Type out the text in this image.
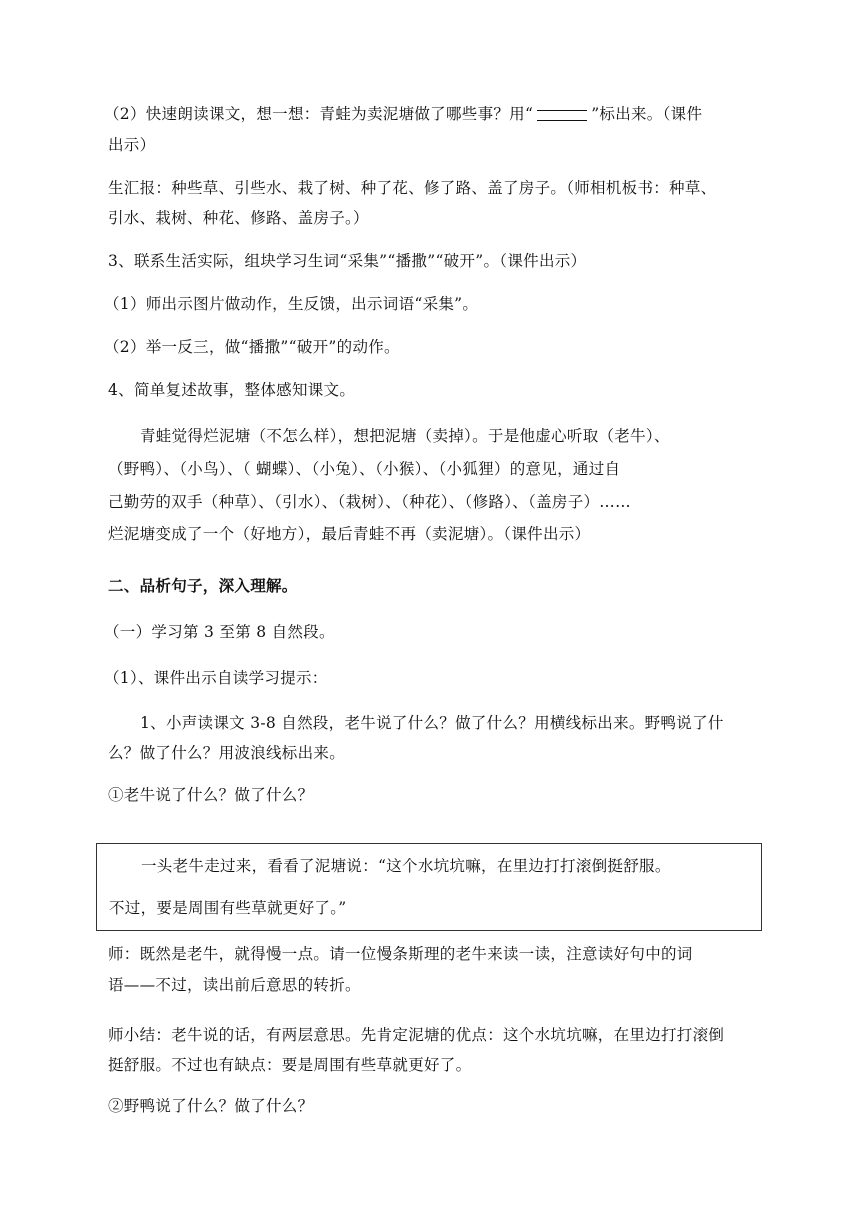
（2）快速朗读课文，想一想：青蛙为卖泥塘做了哪些事？用“	”标出来。（课件
出示）
生汇报：种些草、引些水、栽了树、种了花、修了路、盖了房子。（师相机板书：种草、
引水、栽树、种花、修路、盖房子。）
3、联系生活实际，组块学习生词“采集”“播撒”“破开”。（课件出示）
（1）师出示图片做动作，生反馈，出示词语“采集”。
（2）举一反三，做“播撒”“破开”的动作。
4、简单复述故事，整体感知课文。
青蛙觉得烂泥塘（不怎么样），想把泥塘（卖掉）。于是他虚心听取（老牛）、
（野鸭）、（小鸟）、（ 蝴蝶）、（小兔）、（小猴）、（小狐狸）的意见，通过自
己勤劳的双手（种草）、（引水）、（栽树）、（种花）、（修路）、（盖房子）……
烂泥塘变成了一个（好地方），最后青蛙不再（卖泥塘）。（课件出示）
二、品析句子，深入理解。
（一）学习第 3 至第 8 自然段。
（1）、课件出示自读学习提示：
1、小声读课文 3-8 自然段，老牛说了什么？做了什么？用横线标出来。野鸭说了什
么？做了什么？用波浪线标出来。
①老牛说了什么？做了什么？
一头老牛走过来，看看了泥塘说：“这个水坑坑嘛，在里边打打滚倒挺舒服。
不过，要是周围有些草就更好了。”
师：既然是老牛，就得慢一点。请一位慢条斯理的老牛来读一读，注意读好句中的词
语——不过，读出前后意思的转折。
师小结：老牛说的话，有两层意思。先肯定泥塘的优点：这个水坑坑嘛，在里边打打滚倒
挺舒服。不过也有缺点：要是周围有些草就更好了。
②野鸭说了什么？做了什么？
